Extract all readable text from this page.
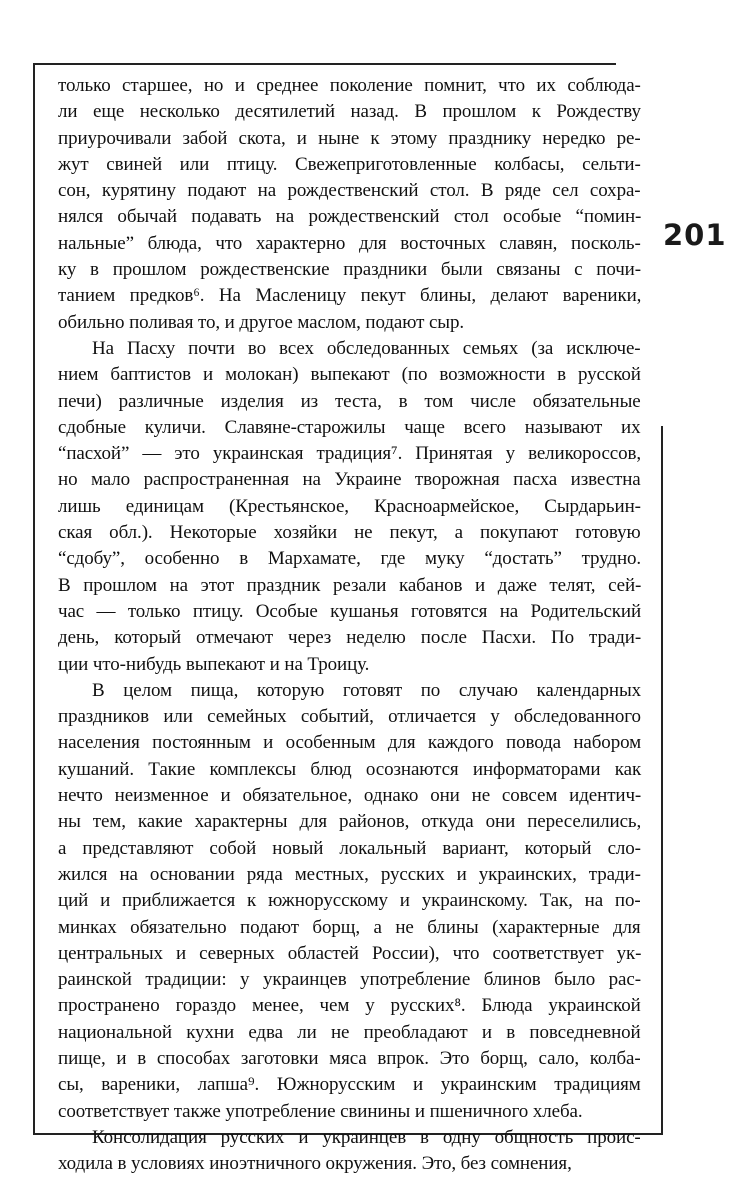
201
только старшее, но и среднее поколение помнит, что их соблюда-
ли еще несколько десятилетий назад. В прошлом к Рождеству
приурочивали забой скота, и ныне к этому празднику нередко ре-
жут свиней или птицу. Свежеприготовленные колбасы, сельти-
сон, курятину подают на рождественский стол. В ряде сел сохра-
нялся обычай подавать на рождественский стол особые “помин-
нальные” блюда, что характерно для восточных славян, посколь-
ку в прошлом рождественские праздники были связаны с почи-
танием предков⁶. На Масленицу пекут блины, делают вареники,
обильно поливая то, и другое маслом, подают сыр.
На Пасху почти во всех обследованных семьях (за исключе-
нием баптистов и молокан) выпекают (по возможности в русской
печи) различные изделия из теста, в том числе обязательные
сдобные куличи. Славяне-старожилы чаще всего называют их
“пасхой” — это украинская традиция⁷. Принятая у великороссов,
но мало распространенная на Украине творожная пасха известна
лишь единицам (Крестьянское, Красноармейское, Сырдарьин-
ская обл.). Некоторые хозяйки не пекут, а покупают готовую
“сдобу”, особенно в Мархамате, где муку “достать” трудно.
В прошлом на этот праздник резали кабанов и даже телят, сей-
час — только птицу. Особые кушанья готовятся на Родительский
день, который отмечают через неделю после Пасхи. По тради-
ции что-нибудь выпекают и на Троицу.
В целом пища, которую готовят по случаю календарных
праздников или семейных событий, отличается у обследованного
населения постоянным и особенным для каждого повода набором
кушаний. Такие комплексы блюд осознаются информаторами как
нечто неизменное и обязательное, однако они не совсем идентич-
ны тем, какие характерны для районов, откуда они переселились,
а представляют собой новый локальный вариант, который сло-
жился на основании ряда местных, русских и украинских, тради-
ций и приближается к южнорусскому и украинскому. Так, на по-
минках обязательно подают борщ, а не блины (характерные для
центральных и северных областей России), что соответствует ук-
раинской традиции: у украинцев употребление блинов было рас-
пространено гораздо менее, чем у русских⁸. Блюда украинской
национальной кухни едва ли не преобладают и в повседневной
пище, и в способах заготовки мяса впрок. Это борщ, сало, колба-
сы, вареники, лапша⁹. Южнорусским и украинским традициям
соответствует также употребление свинины и пшеничного хлеба.
Консолидация русских и украинцев в одну общность проис-
ходила в условиях иноэтничного окружения. Это, без сомнения,
